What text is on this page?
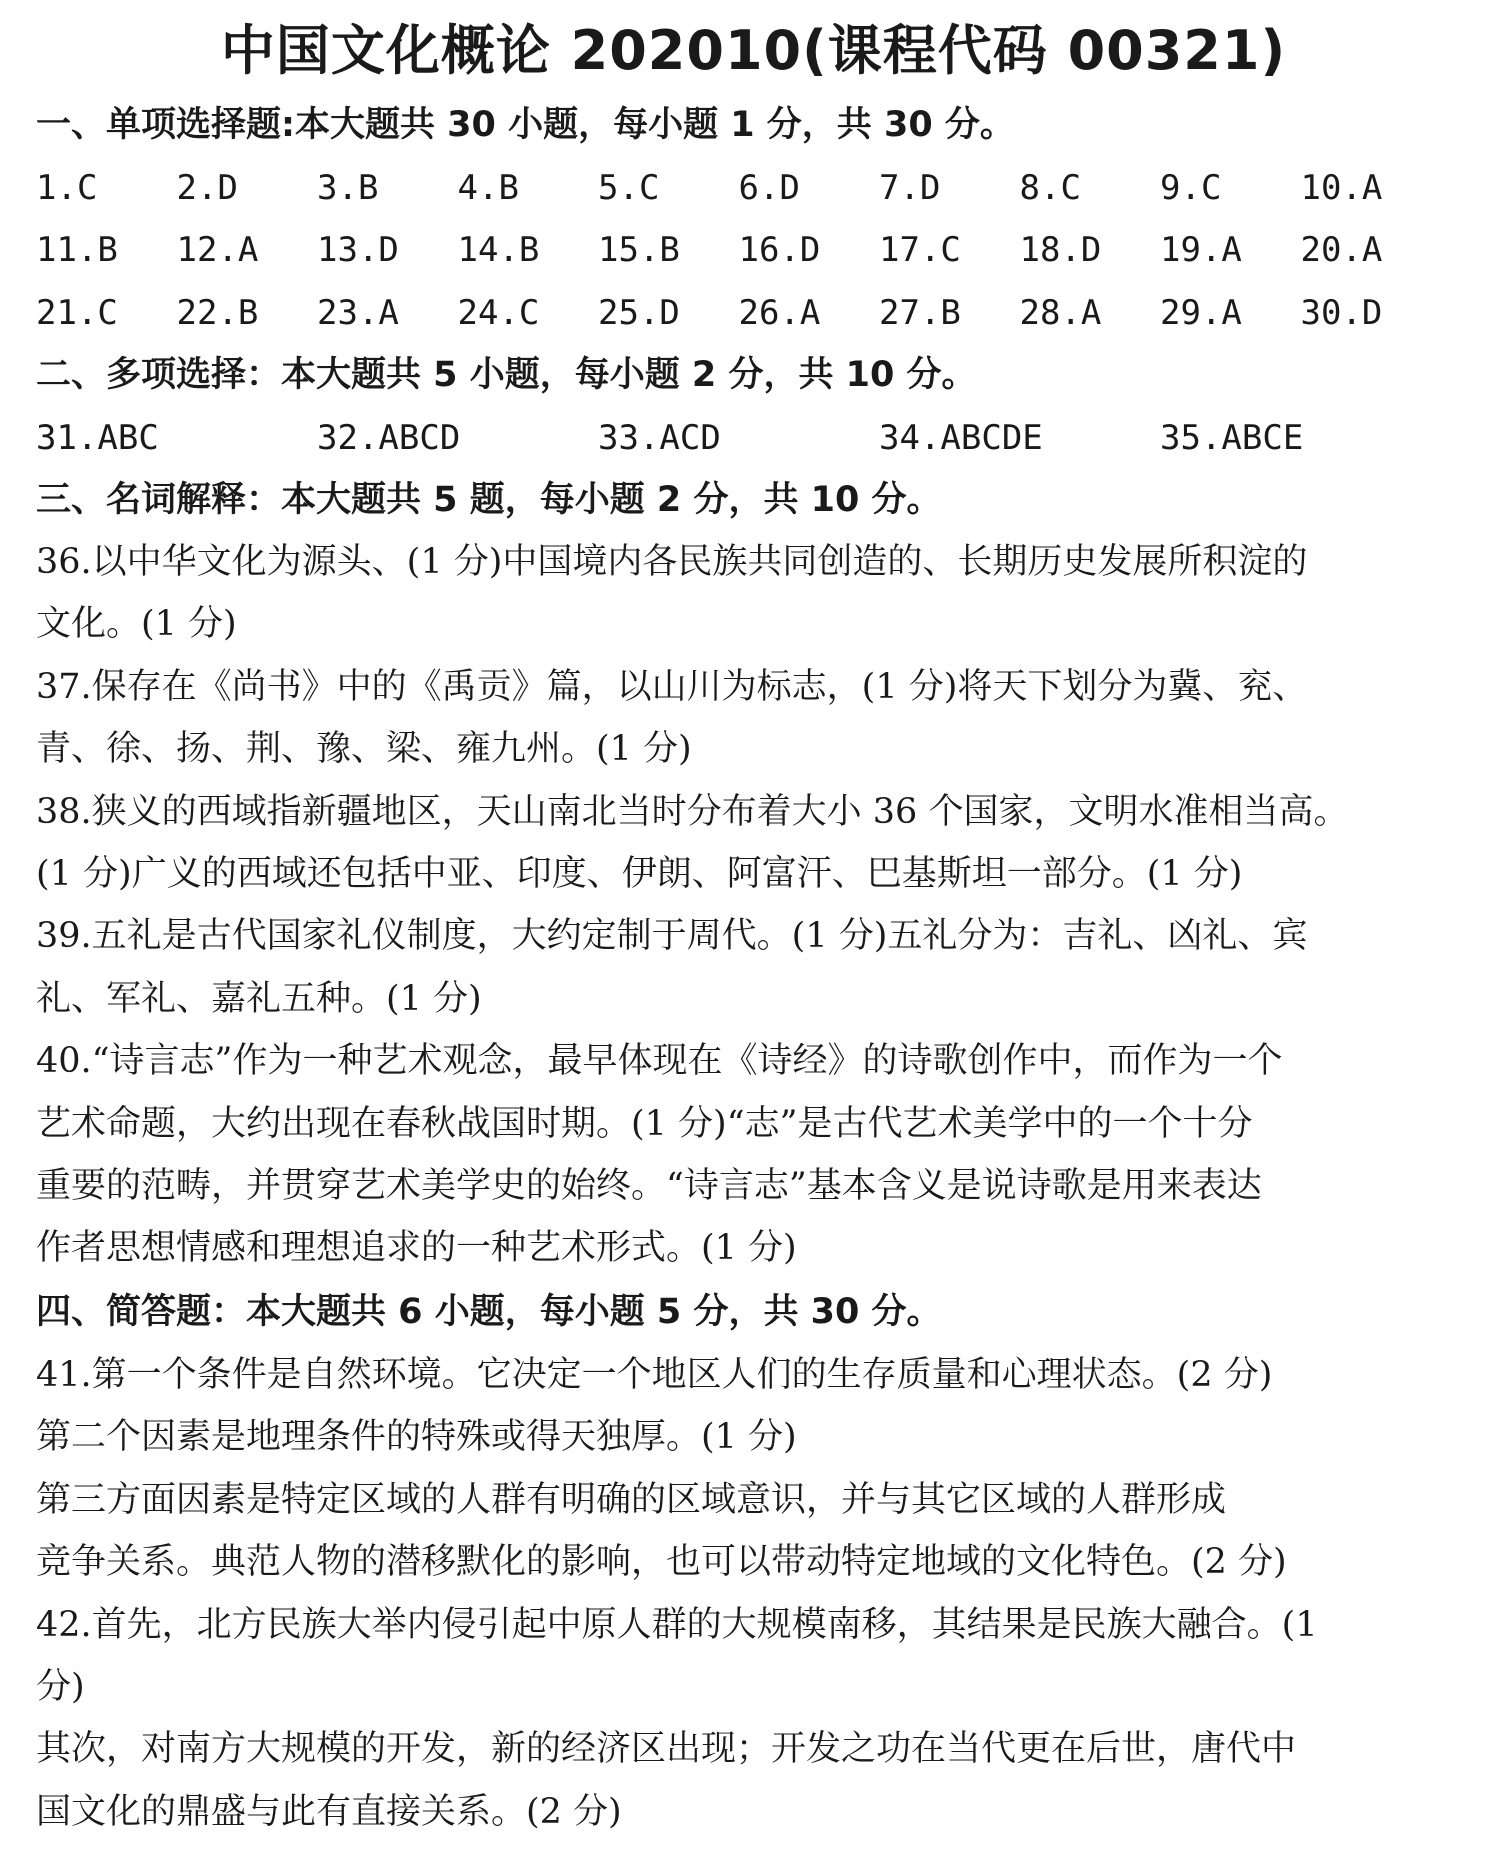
中国文化概论 202010(课程代码 00321)
一、单项选择题:本大题共 30 小题，每小题 1 分，共 30 分。
1.C 2.D 3.B 4.B 5.C 6.D 7.D 8.C 9.C 10.A
11.B 12.A 13.D 14.B 15.B 16.D 17.C 18.D 19.A 20.A
21.C 22.B 23.A 24.C 25.D 26.A 27.B 28.A 29.A 30.D
二、多项选择：本大题共 5 小题，每小题 2 分，共 10 分。
31.ABC	32.ABCD	33.ACD	34.ABCDE	35.ABCE
三、名词解释：本大题共 5 题，每小题 2 分，共 10 分。
36.以中华文化为源头、(1 分)中国境内各民族共同创造的、长期历史发展所积淀的
文化。(1 分)
37.保存在《尚书》中的《禹贡》篇，以山川为标志，(1 分)将天下划分为冀、兖、
青、徐、扬、荆、豫、梁、雍九州。(1 分)
38.狭义的西域指新疆地区，天山南北当时分布着大小 36 个国家，文明水准相当高。
(1 分)广义的西域还包括中亚、印度、伊朗、阿富汗、巴基斯坦一部分。(1 分)
39.五礼是古代国家礼仪制度，大约定制于周代。(1 分)五礼分为：吉礼、凶礼、宾
礼、军礼、嘉礼五种。(1 分)
40.“诗言志”作为一种艺术观念，最早体现在《诗经》的诗歌创作中，而作为一个
艺术命题，大约出现在春秋战国时期。(1 分)“志”是古代艺术美学中的一个十分
重要的范畴，并贯穿艺术美学史的始终。“诗言志”基本含义是说诗歌是用来表达
作者思想情感和理想追求的一种艺术形式。(1 分)
四、简答题：本大题共 6 小题，每小题 5 分，共 30 分。
41.第一个条件是自然环境。它决定一个地区人们的生存质量和心理状态。(2 分)
第二个因素是地理条件的特殊或得天独厚。(1 分)
第三方面因素是特定区域的人群有明确的区域意识，并与其它区域的人群形成
竞争关系。典范人物的潜移默化的影响，也可以带动特定地域的文化特色。(2 分)
42.首先，北方民族大举内侵引起中原人群的大规模南移，其结果是民族大融合。(1
分)
其次，对南方大规模的开发，新的经济区出现；开发之功在当代更在后世，唐代中
国文化的鼎盛与此有直接关系。(2 分)
